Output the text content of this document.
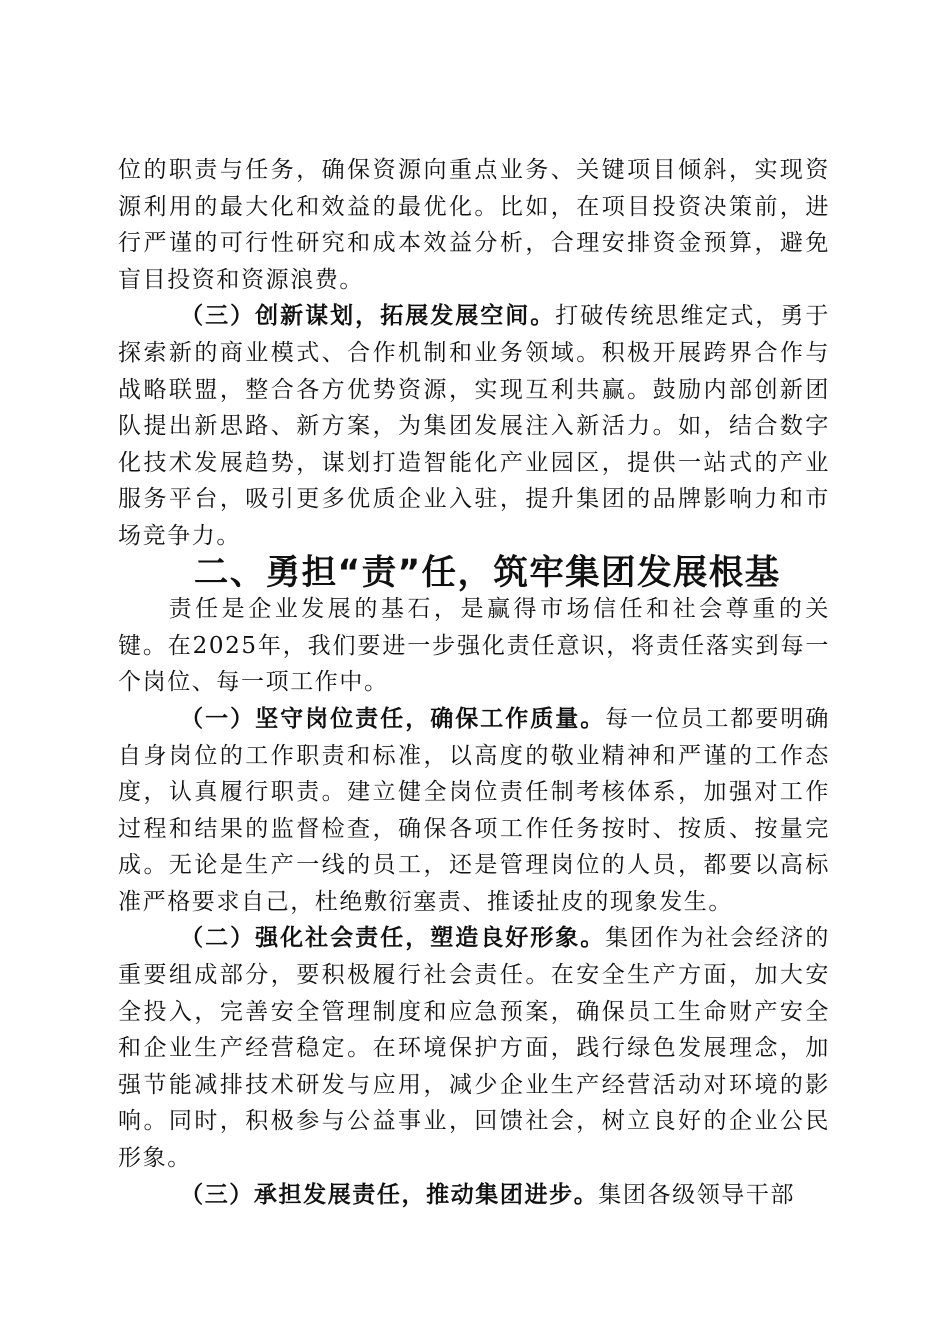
位的职责与任务，确保资源向重点业务、关键项目倾斜，实现资源利用的最大化和效益的最优化。比如，在项目投资决策前，进行严谨的可行性研究和成本效益分析，合理安排资金预算，避免盲目投资和资源浪费。

（三）创新谋划，拓展发展空间。打破传统思维定式，勇于探索新的商业模式、合作机制和业务领域。积极开展跨界合作与战略联盟，整合各方优势资源，实现互利共赢。鼓励内部创新团队提出新思路、新方案，为集团发展注入新活力。如，结合数字化技术发展趋势，谋划打造智能化产业园区，提供一站式的产业服务平台，吸引更多优质企业入驻，提升集团的品牌影响力和市场竞争力。

二、勇担“责”任，筑牢集团发展根基

责任是企业发展的基石，是赢得市场信任和社会尊重的关键。在2025年，我们要进一步强化责任意识，将责任落实到每一个岗位、每一项工作中。

（一）坚守岗位责任，确保工作质量。每一位员工都要明确自身岗位的工作职责和标准，以高度的敬业精神和严谨的工作态度，认真履行职责。建立健全岗位责任制考核体系，加强对工作过程和结果的监督检查，确保各项工作任务按时、按质、按量完成。无论是生产一线的员工，还是管理岗位的人员，都要以高标准严格要求自己，杜绝敷衍塞责、推诿扯皮的现象发生。

（二）强化社会责任，塑造良好形象。集团作为社会经济的重要组成部分，要积极履行社会责任。在安全生产方面，加大安全投入，完善安全管理制度和应急预案，确保员工生命财产安全和企业生产经营稳定。在环境保护方面，践行绿色发展理念，加强节能减排技术研发与应用，减少企业生产经营活动对环境的影响。同时，积极参与公益事业，回馈社会，树立良好的企业公民形象。

（三）承担发展责任，推动集团进步。集团各级领导干部
